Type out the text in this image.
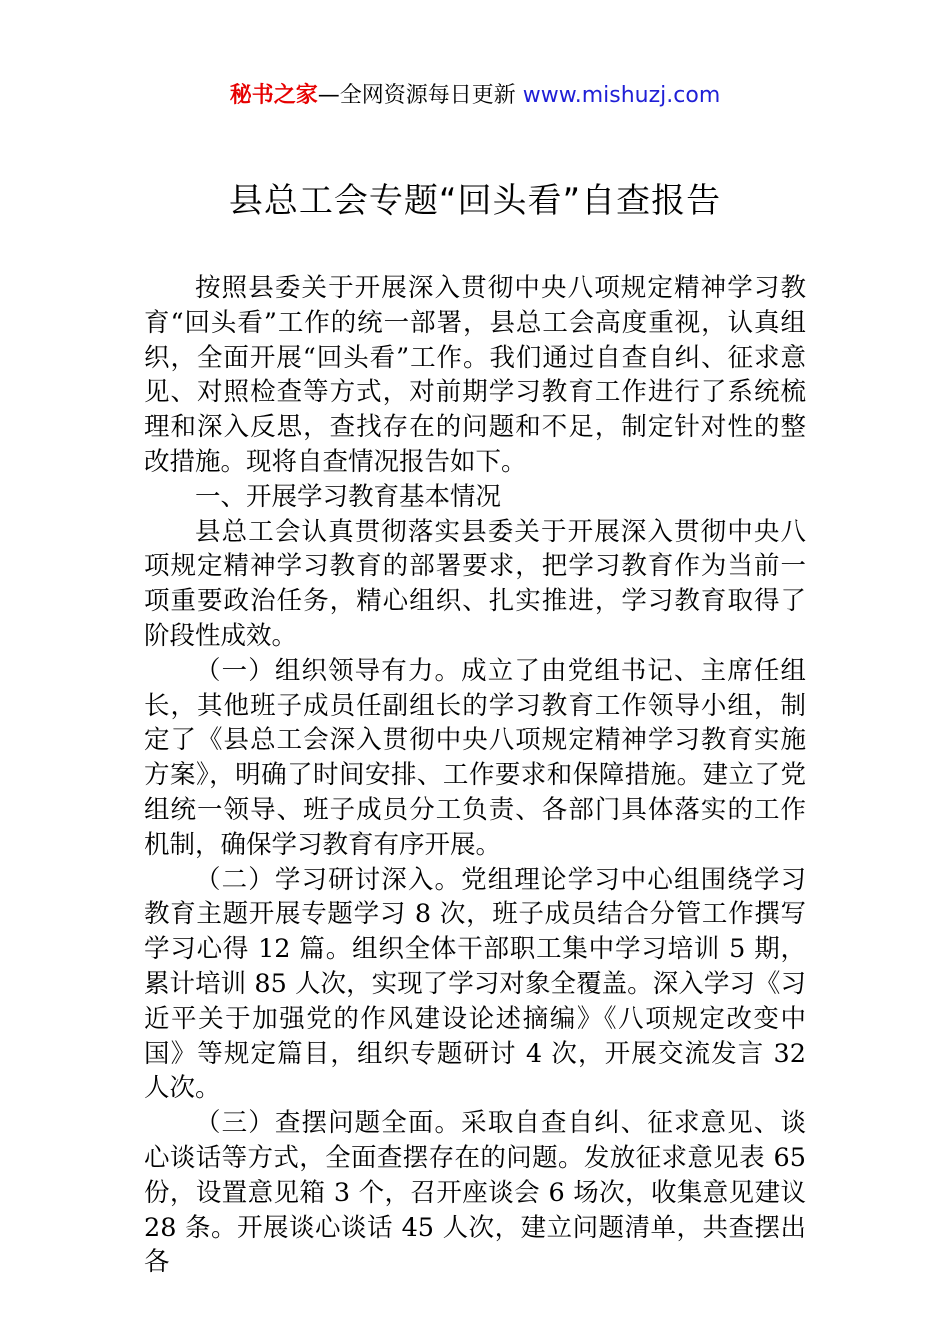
秘书之家—全网资源每日更新 www.mishuzj.com
县总工会专题“回头看”自查报告

按照县委关于开展深入贯彻中央八项规定精神学习教育“回头看”工作的统一部署，县总工会高度重视，认真组织，全面开展“回头看”工作。我们通过自查自纠、征求意见、对照检查等方式，对前期学习教育工作进行了系统梳理和深入反思，查找存在的问题和不足，制定针对性的整改措施。现将自查情况报告如下。

一、开展学习教育基本情况

县总工会认真贯彻落实县委关于开展深入贯彻中央八项规定精神学习教育的部署要求，把学习教育作为当前一项重要政治任务，精心组织、扎实推进，学习教育取得了阶段性成效。

（一）组织领导有力。成立了由党组书记、主席任组长，其他班子成员任副组长的学习教育工作领导小组，制定了《县总工会深入贯彻中央八项规定精神学习教育实施方案》，明确了时间安排、工作要求和保障措施。建立了党组统一领导、班子成员分工负责、各部门具体落实的工作机制，确保学习教育有序开展。

（二）学习研讨深入。党组理论学习中心组围绕学习教育主题开展专题学习 8 次，班子成员结合分管工作撰写学习心得 12 篇。组织全体干部职工集中学习培训 5 期，累计培训 85 人次，实现了学习对象全覆盖。深入学习《习近平关于加强党的作风建设论述摘编》《八项规定改变中国》等规定篇目，组织专题研讨 4 次，开展交流发言 32 人次。

（三）查摆问题全面。采取自查自纠、征求意见、谈心谈话等方式，全面查摆存在的问题。发放征求意见表 65 份，设置意见箱 3 个，召开座谈会 6 场次，收集意见建议 28 条。开展谈心谈话 45 人次，建立问题清单，共查摆出各
